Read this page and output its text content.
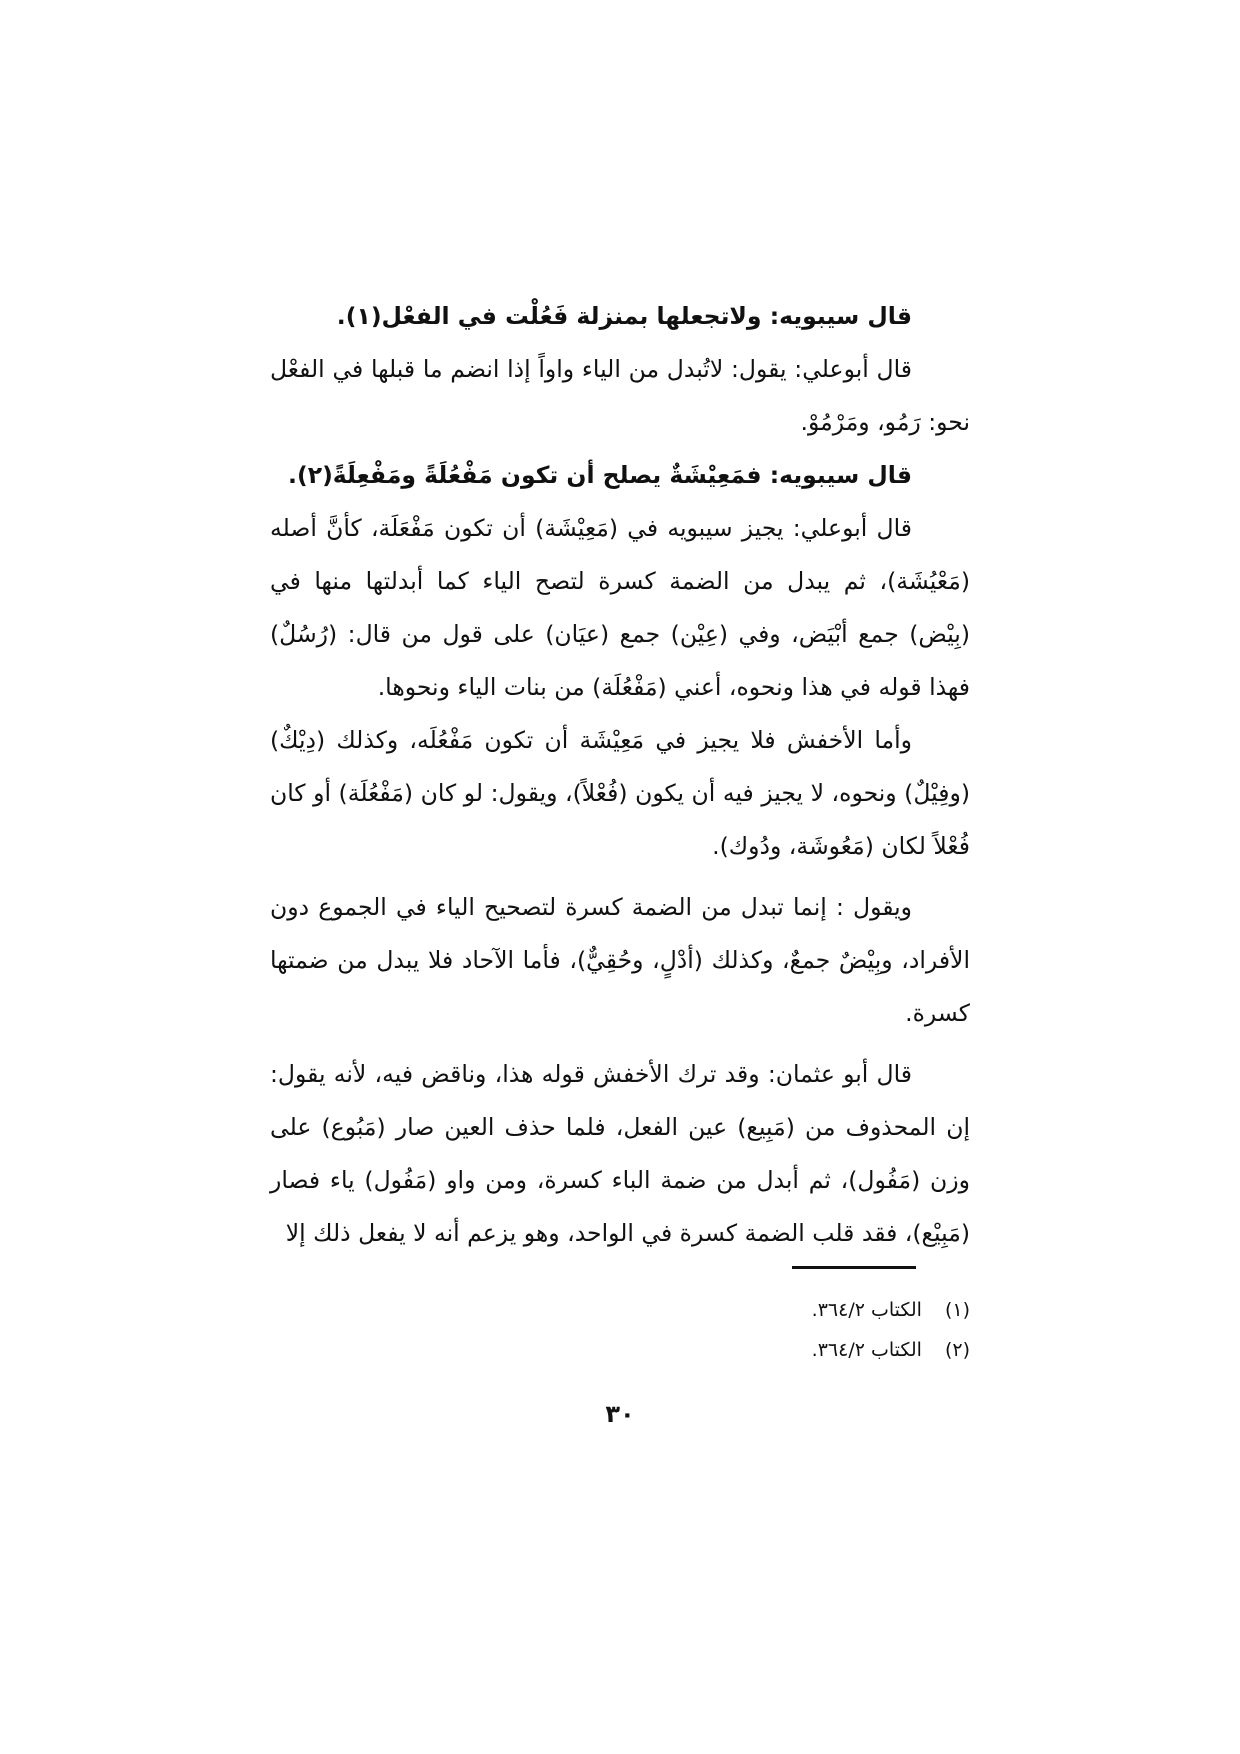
قال سيبويه: ولاتجعلها بمنزلة فَعُلْت في الفعْل(١).

قال أبوعلي: يقول: لاتُبدل من الياء واواً إذا انضم ما قبلها في الفعْل نحو: رَمُو، ومَرْمُوْ.

قال سيبويه: فمَعِيْشَةٌ يصلح أن تكون مَفْعُلَةً ومَفْعِلَةً(٢).

قال أبوعلي: يجيز سيبويه في (مَعِيْشَة) أن تكون مَفْعَلَة، كأنَّ أصله (مَعْيُشَة)، ثم يبدل من الضمة كسرة لتصح الياء كما أبدلتها منها في (بِيْض) جمع أبْيَض، وفي (عِيْن) جمع (عيَان) على قول من قال: (رُسُلٌ) فهذا قوله في هذا ونحوه، أعني (مَفْعُلَة) من بنات الياء ونحوها.

وأما الأخفش فلا يجيز في مَعِيْشَة أن تكون مَفْعُلَه، وكذلك (دِيْكٌ) (وفِيْلٌ) ونحوه، لا يجيز فيه أن يكون (فُعْلاً)، ويقول: لو كان (مَفْعُلَة) أو كان فُعْلاً لكان (مَعُوشَة، ودُوك).

ويقول : إنما تبدل من الضمة كسرة لتصحيح الياء في الجموع دون الأفراد، وبِيْضٌ جمعٌ، وكذلك (أدْلٍ، وحُقِيٌّ)، فأما الآحاد فلا يبدل من ضمتها كسرة.

قال أبو عثمان: وقد ترك الأخفش قوله هذا، وناقض فيه، لأنه يقول: إن المحذوف من (مَبِيع) عين الفعل، فلما حذف العين صار (مَبُوع) على وزن (مَفُول)، ثم أبدل من ضمة الباء كسرة، ومن واو (مَفُول) ياء فصار (مَبِيْع)، فقد قلب الضمة كسرة في الواحد، وهو يزعم أنه لا يفعل ذلك إلا

(١) الكتاب ٣٦٤/٢.
(٢) الكتاب ٣٦٤/٢.
٣٠
